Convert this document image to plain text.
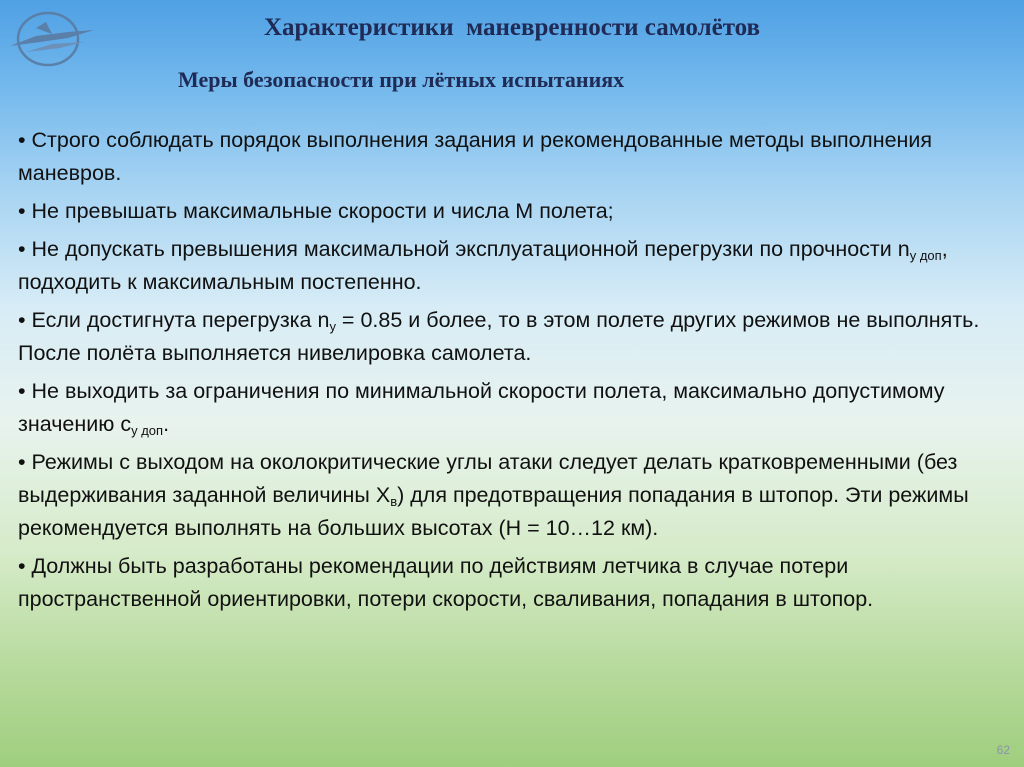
Характеристики  маневренности самолётов
Меры безопасности при лётных испытаниях
• Строго соблюдать порядок выполнения задания и рекомендованные методы выполнения маневров.
• Не превышать максимальные скорости и числа М полета;
• Не допускать превышения максимальной эксплуатационной перегрузки по прочности $n_{у доп}$, подходить к максимальным постепенно.
• Если достигнута перегрузка $n_у = 0.85$ и более, то в этом полете других режимов не выполнять. После полёта выполняется нивелировка самолета.
• Не выходить за ограничения по минимальной скорости полета, максимально допустимому значению $с_{у доп}$.
• Режимы с выходом на околокритические углы атаки следует делать кратковременными (без выдерживания заданной величины $Х_в$) для предотвращения попадания в штопор. Эти режимы рекомендуется выполнять на больших высотах (Н = 10…12 км).
• Должны быть разработаны рекомендации по действиям летчика в случае потери пространственной ориентировки, потери скорости, сваливания, попадания в штопор.
62
